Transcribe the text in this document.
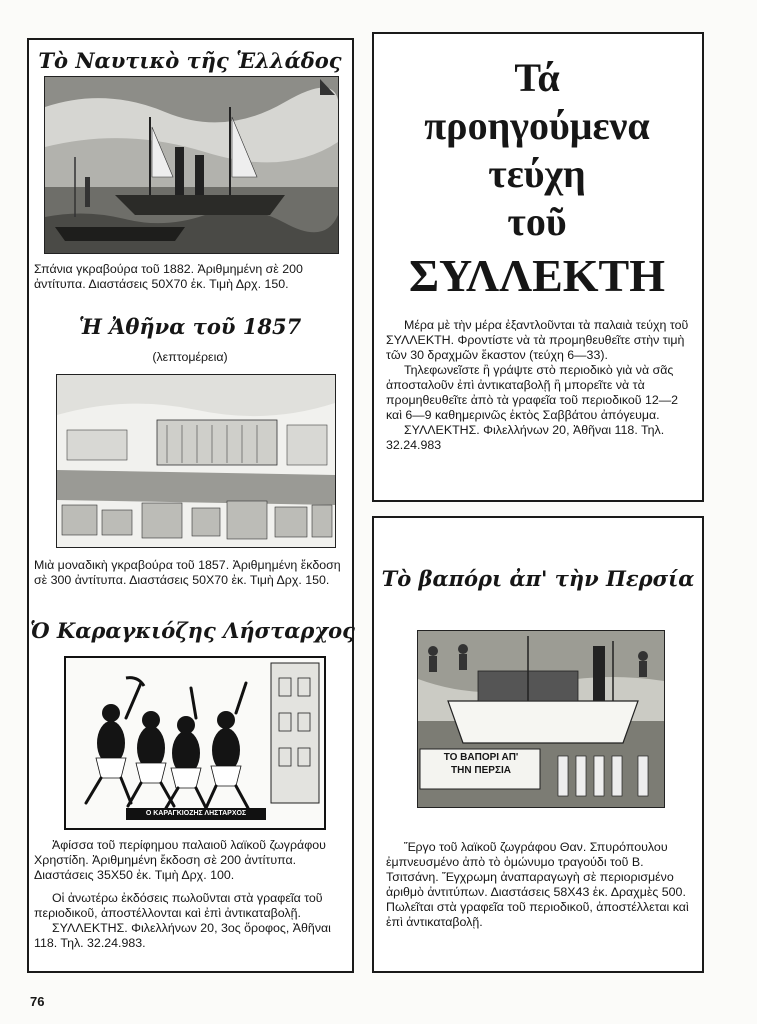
Τὸ Ναυτικὸ τῆς Ἑλλάδος
Σπάνια γκραβούρα τοῦ 1882. Ἀριθμημένη σὲ 200 ἀντίτυπα. Διαστάσεις 50Χ70 ἐκ. Τιμὴ Δρχ. 150.
Ἡ Ἀθῆνα τοῦ 1857
(λεπτομέρεια)
Μιὰ μοναδικὴ γκραβούρα τοῦ 1857. Ἀριθμημένη ἔκδοση σὲ 300 ἀντίτυπα. Διαστάσεις 50Χ70 ἐκ. Τιμὴ Δρχ. 150.
Ὁ Καραγκιόζης Λήσταρχος
Ο ΚΑΡΑΓΚΙΟΖΗΣ ΛΗΣΤΑΡΧΟΣ

Ἀφίσσα τοῦ περίφημου παλαιοῦ λαϊκοῦ ζωγράφου Χρηστίδη. Ἀριθμημένη ἔκδοση σὲ 200 ἀντίτυπα. Διαστάσεις 35Χ50 ἐκ. Τιμὴ Δρχ. 100.

Οἱ ἀνωτέρω ἐκδόσεις πωλοῦνται στὰ γραφεῖα τοῦ περιοδικοῦ, ἀποστέλλονται καὶ ἐπὶ ἀντικαταβολῇ.

ΣΥΛΛΕΚΤΗΣ. Φιλελλήνων 20, 3ος ὅροφος, Ἀθῆναι 118. Τηλ. 32.24.983.

Τά
προηγούμενα
τεύχη
τοῦ
ΣΥΛΛΕΚΤΗ

Μέρα μὲ τὴν μέρα ἐξαντλοῦνται τὰ παλαιὰ τεύχη τοῦ ΣΥΛΛΕΚΤΗ. Φροντίστε νὰ τὰ προμηθευθεῖτε στὴν τιμὴ τῶν 30 δραχμῶν ἕκαστον (τεύχη 6—33).

Τηλεφωνεῖστε ἢ γράψτε στὸ περιοδικὸ γιὰ νὰ σᾶς ἀποσταλοῦν ἐπὶ ἀντικαταβολῇ ἢ μπορεῖτε νὰ τὰ προμηθευθεῖτε ἀπὸ τὰ γραφεῖα τοῦ περιοδικοῦ 12—2 καὶ 6—9 καθημερινῶς ἐκτὸς Σαββάτου ἀπόγευμα.

ΣΥΛΛΕΚΤΗΣ. Φιλελλήνων 20, Ἀθῆναι 118. Τηλ. 32.24.983

Τὸ βαπόρι ἀπ' τὴν Περσία
ΤΟ ΒΑΠΟΡΙ ΑΠ'
ΤΗΝ ΠΕΡΣΙΑ
Ἔργο τοῦ λαϊκοῦ ζωγράφου Θαν. Σπυρόπουλου ἐμπνευσμένο ἀπὸ τὸ ὁμώνυμο τραγούδι τοῦ Β. Τσιτσάνη. Ἔγχρωμη ἀναπαραγωγὴ σὲ περιορισμένο ἀριθμὸ ἀντιτύπων. Διαστάσεις 58Χ43 ἐκ. Δραχμὲς 500. Πωλεῖται στὰ γραφεῖα τοῦ περιοδικοῦ, ἀποστέλλεται καὶ ἐπὶ ἀντικαταβολῇ.
76
